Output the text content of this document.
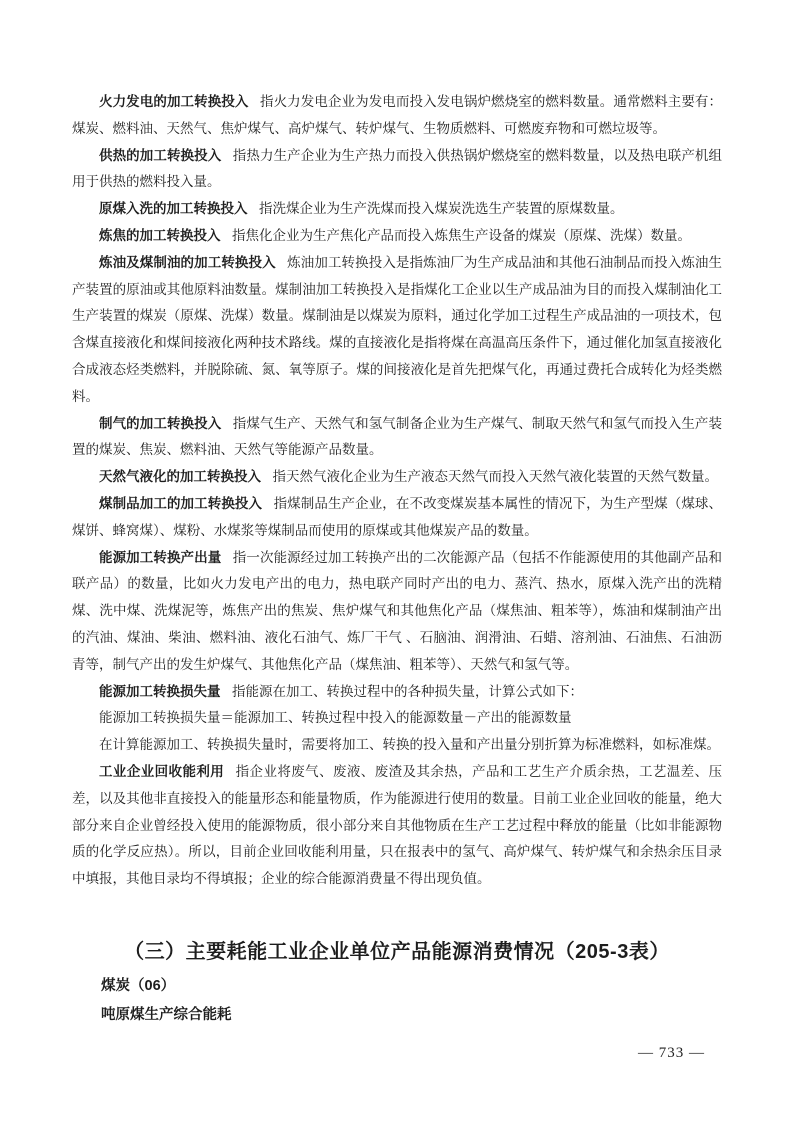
火力发电的加工转换投入 指火力发电企业为发电而投入发电锅炉燃烧室的燃料数量。通常燃料主要有：煤炭、燃料油、天然气、焦炉煤气、高炉煤气、转炉煤气、生物质燃料、可燃废弃物和可燃垃圾等。

供热的加工转换投入 指热力生产企业为生产热力而投入供热锅炉燃烧室的燃料数量，以及热电联产机组用于供热的燃料投入量。

原煤入洗的加工转换投入 指洗煤企业为生产洗煤而投入煤炭洗选生产装置的原煤数量。

炼焦的加工转换投入 指焦化企业为生产焦化产品而投入炼焦生产设备的煤炭（原煤、洗煤）数量。

炼油及煤制油的加工转换投入 炼油加工转换投入是指炼油厂为生产成品油和其他石油制品而投入炼油生产装置的原油或其他原料油数量。煤制油加工转换投入是指煤化工企业以生产成品油为目的而投入煤制油化工生产装置的煤炭（原煤、洗煤）数量。煤制油是以煤炭为原料，通过化学加工过程生产成品油的一项技术，包含煤直接液化和煤间接液化两种技术路线。煤的直接液化是指将煤在高温高压条件下，通过催化加氢直接液化合成液态烃类燃料，并脱除硫、氮、氧等原子。煤的间接液化是首先把煤气化，再通过费托合成转化为烃类燃料。

制气的加工转换投入 指煤气生产、天然气和氢气制备企业为生产煤气、制取天然气和氢气而投入生产装置的煤炭、焦炭、燃料油、天然气等能源产品数量。

天然气液化的加工转换投入 指天然气液化企业为生产液态天然气而投入天然气液化装置的天然气数量。

煤制品加工的加工转换投入 指煤制品生产企业，在不改变煤炭基本属性的情况下，为生产型煤（煤球、煤饼、蜂窝煤）、煤粉、水煤浆等煤制品而使用的原煤或其他煤炭产品的数量。

能源加工转换产出量 指一次能源经过加工转换产出的二次能源产品（包括不作能源使用的其他副产品和联产品）的数量，比如火力发电产出的电力，热电联产同时产出的电力、蒸汽、热水，原煤入洗产出的洗精煤、洗中煤、洗煤泥等，炼焦产出的焦炭、焦炉煤气和其他焦化产品（煤焦油、粗苯等），炼油和煤制油产出的汽油、煤油、柴油、燃料油、液化石油气、炼厂干气 、石脑油、润滑油、石蜡、溶剂油、石油焦、石油沥青等，制气产出的发生炉煤气、其他焦化产品（煤焦油、粗苯等）、天然气和氢气等。

能源加工转换损失量 指能源在加工、转换过程中的各种损失量，计算公式如下：

能源加工转换损失量＝能源加工、转换过程中投入的能源数量－产出的能源数量

在计算能源加工、转换损失量时，需要将加工、转换的投入量和产出量分别折算为标准燃料，如标准煤。

工业企业回收能利用 指企业将废气、废液、废渣及其余热，产品和工艺生产介质余热，工艺温差、压差，以及其他非直接投入的能量形态和能量物质，作为能源进行使用的数量。目前工业企业回收的能量，绝大部分来自企业曾经投入使用的能源物质，很小部分来自其他物质在生产工艺过程中释放的能量（比如非能源物质的化学反应热）。所以，目前企业回收能利用量，只在报表中的氢气、高炉煤气、转炉煤气和余热余压目录中填报，其他目录均不得填报；企业的综合能源消费量不得出现负值。

（三）主要耗能工业企业单位产品能源消费情况（205-3表）

煤炭（06）

吨原煤生产综合能耗

— 733 —
